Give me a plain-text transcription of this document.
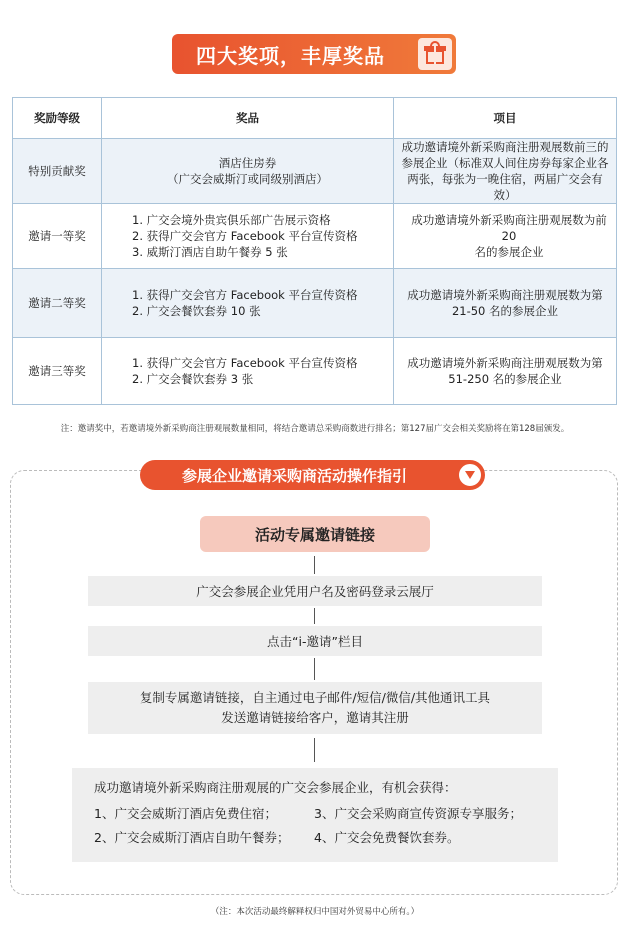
四大奖项，丰厚奖品
奖励等级	奖品	项目
特别贡献奖	酒店住房券
（广交会威斯汀或同级别酒店）	成功邀请境外新采购商注册观展数前三的
参展企业（标准双人间住房券每家企业各
两张，每张为一晚住宿，两届广交会有效）

邀请一等奖	1. 广交会境外贵宾俱乐部广告展示资格
2. 获得广交会官方 Facebook 平台宣传资格
3. 威斯汀酒店自助午餐券 5 张	成功邀请境外新采购商注册观展数为前 20
名的参展企业

邀请二等奖	1. 获得广交会官方 Facebook 平台宣传资格
2. 广交会餐饮套券 10 张	成功邀请境外新采购商注册观展数为第
21-50 名的参展企业

邀请三等奖	1. 获得广交会官方 Facebook 平台宣传资格
2. 广交会餐饮套券 3 张	成功邀请境外新采购商注册观展数为第
51-250 名的参展企业
注：邀请奖中，若邀请境外新采购商注册观展数量相同，将结合邀请总采购商数进行排名；第127届广交会相关奖励将在第128届颁发。
参展企业邀请采购商活动操作指引
活动专属邀请链接
广交会参展企业凭用户名及密码登录云展厅
点击“i-邀请”栏目
复制专属邀请链接，自主通过电子邮件/短信/微信/其他通讯工具
发送邀请链接给客户，邀请其注册
成功邀请境外新采购商注册观展的广交会参展企业，有机会获得：
1、广交会威斯汀酒店免费住宿；	3、广交会采购商宣传资源专享服务；
2、广交会威斯汀酒店自助午餐券；	4、广交会免费餐饮套券。
（注：本次活动最终解释权归中国对外贸易中心所有。）
